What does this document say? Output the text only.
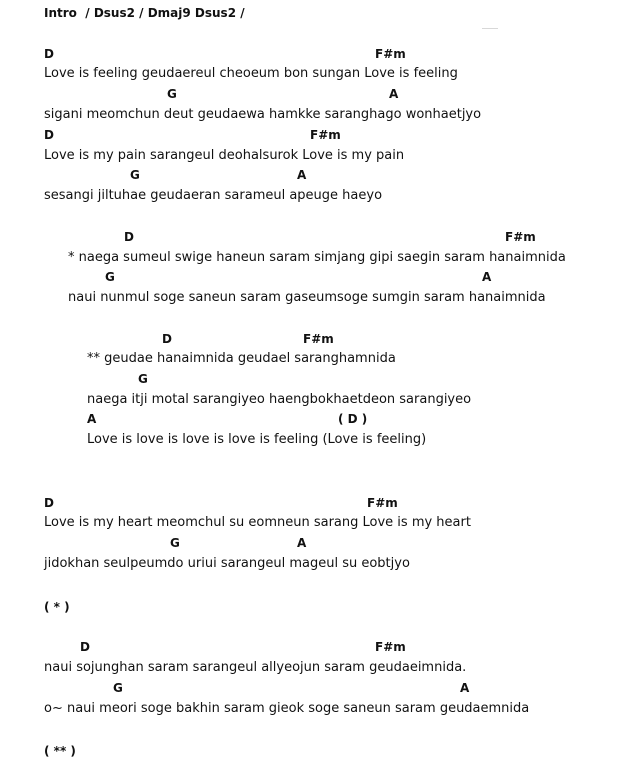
Intro  / Dsus2 / Dmaj9 Dsus2 /
D	F#m
Love is feeling geudaereul cheoeum bon sungan Love is feeling
G	A
sigani meomchun deut geudaewa hamkke saranghago wonhaetjyo
D	F#m
Love is my pain sarangeul deohalsurok Love is my pain
G	A
sesangi jiltuhae geudaeran sarameul apeuge haeyo
D	F#m
* naega sumeul swige haneun saram simjang gipi saegin saram hanaimnida
G	A
naui nunmul soge saneun saram gaseumsoge sumgin saram hanaimnida
D	F#m
** geudae hanaimnida geudael saranghamnida
G
naega itji motal sarangiyeo haengbokhaetdeon sarangiyeo
A	( D )
Love is love is love is love is feeling (Love is feeling)
D	F#m
Love is my heart meomchul su eomneun sarang Love is my heart
G	A
jidokhan seulpeumdo uriui sarangeul mageul su eobtjyo
( * )
D	F#m
naui sojunghan saram sarangeul allyeojun saram geudaeimnida.
G	A
o~ naui meori soge bakhin saram gieok soge saneun saram geudaemnida
( ** )
